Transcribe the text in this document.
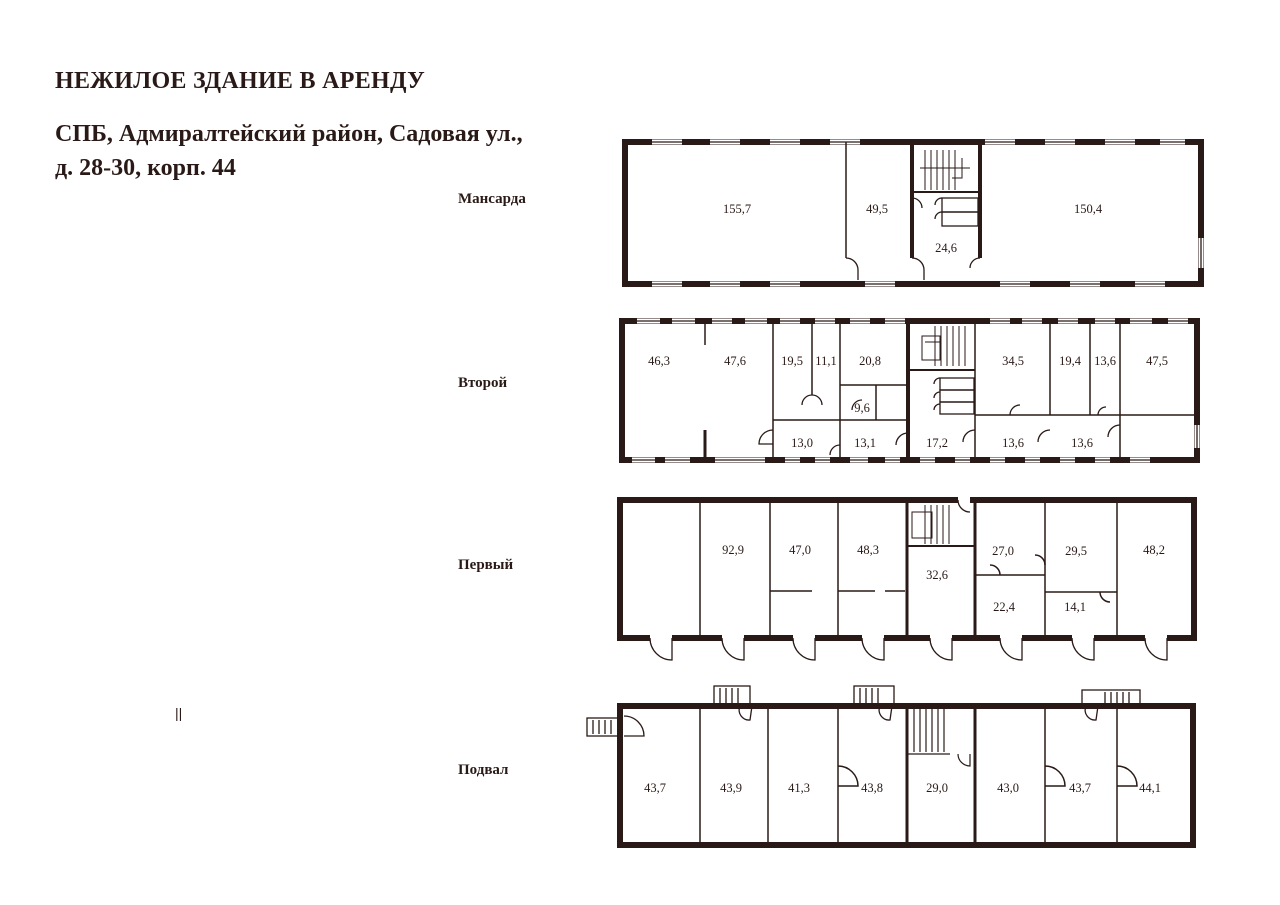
НЕЖИЛОЕ ЗДАНИЕ В АРЕНДУ
СПБ, Адмиралтейский район, Садовая ул.,
д. 28-30, корп. 44
Мансарда
Второй
Первый
Подвал
||
155,7	49,5
24,6
150,4
46,3	47,6	19,5 11,1 20,8
9,6
13,0	13,1	17,2
34,5	19,4 13,6 47,5
13,6	13,6
92,9	47,0	48,3
32,6
27,0	29,5	48,2
22,4	14,1
43,7	43,9	41,3	43,8	29,0	43,0	43,7	44,1
